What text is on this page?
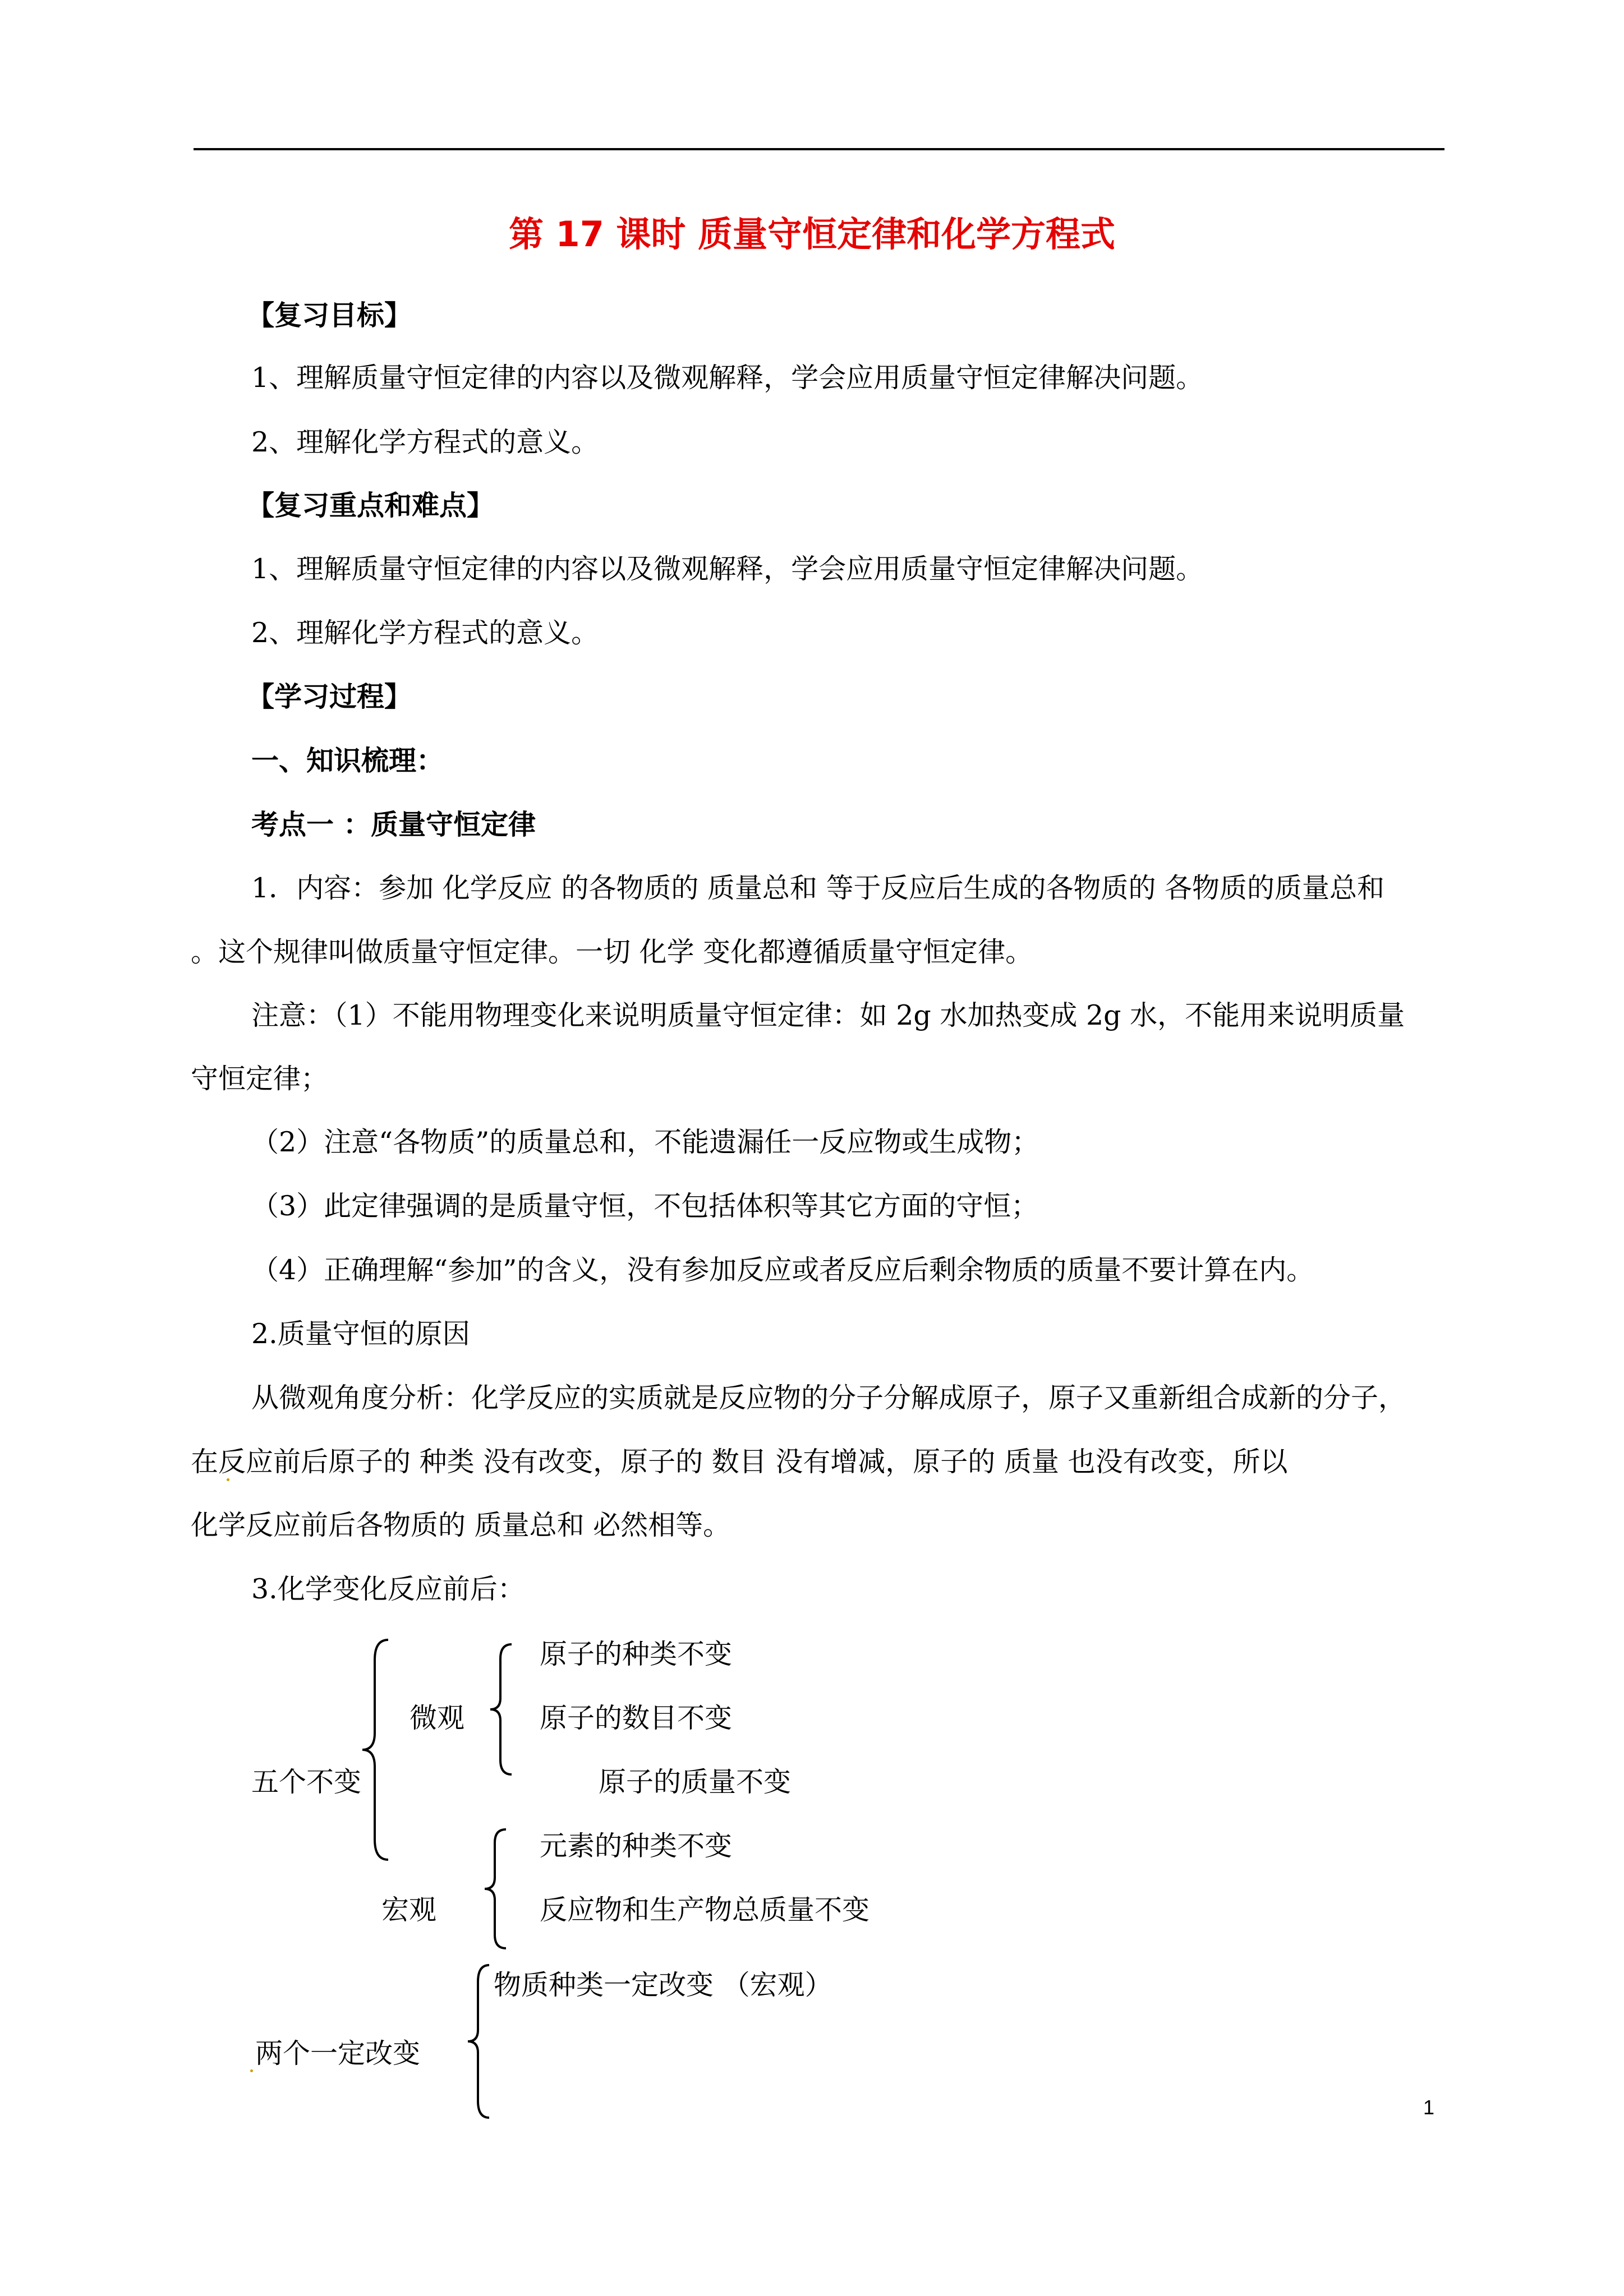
第 17 课时 质量守恒定律和化学方程式
【复习目标】
1、理解质量守恒定律的内容以及微观解释，学会应用质量守恒定律解决问题。
2、理解化学方程式的意义。
【复习重点和难点】
1、理解质量守恒定律的内容以及微观解释，学会应用质量守恒定律解决问题。
2、理解化学方程式的意义。
【学习过程】
一、知识梳理：
考点一 ：质量守恒定律
1．内容：参加 化学反应 的各物质的 质量总和 等于反应后生成的各物质的 各物质的质量总和
。这个规律叫做质量守恒定律。一切 化学 变化都遵循质量守恒定律。
注意：（1）不能用物理变化来说明质量守恒定律：如 2g 水加热变成 2g 水，不能用来说明质量
守恒定律；
（2）注意“各物质”的质量总和，不能遗漏任一反应物或生成物；
（3）此定律强调的是质量守恒，不包括体积等其它方面的守恒；
（4）正确理解“参加”的含义，没有参加反应或者反应后剩余物质的质量不要计算在内。
2.质量守恒的原因
从微观角度分析：化学反应的实质就是反应物的分子分解成原子，原子又重新组合成新的分子，
在反应前后原子的 种类 没有改变，原子的 数目 没有增减，原子的 质量 也没有改变，所以
化学反应前后各物质的 质量总和 必然相等。
3.化学变化反应前后：
五个不变
微观
原子的种类不变
原子的数目不变
原子的质量不变
宏观
元素的种类不变
反应物和生产物总质量不变
两个一定改变
物质种类一定改变 （宏观）
1
